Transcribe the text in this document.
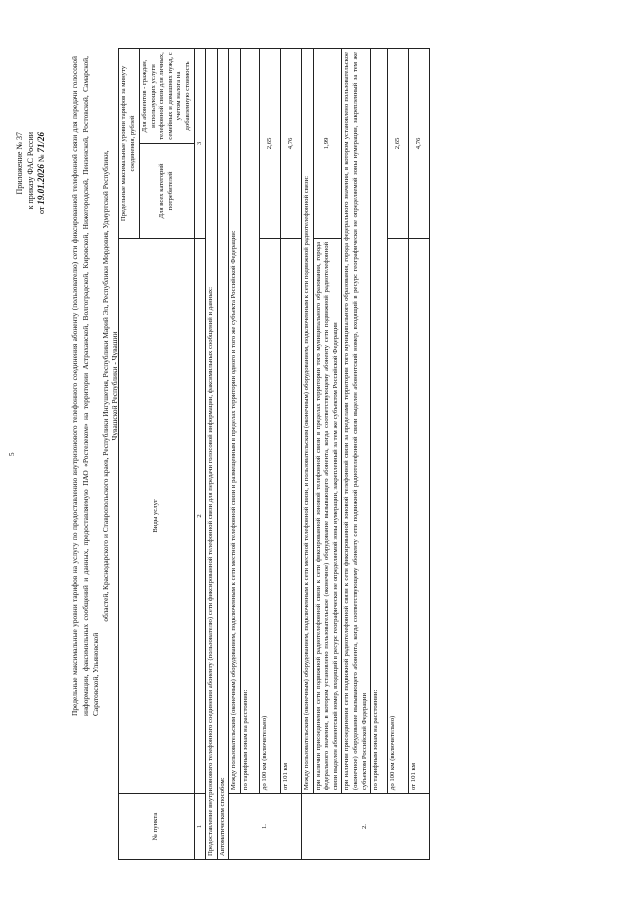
5
Приложение № 37 к приказу ФАС России
от 19.01.2026 № 71/26	Предельные максимальные уровни тарифов на услугу по предоставлению внутризонового телефонного соединения абоненту (пользователю) сети фиксированной телефонной связи для передачи голосовой информации, факсимильных сообщений и данных, предоставляемую ПАО «Ростелеком» на территории Астраханской, Волгоградской, Кировской, Нижегородской, Пензенской, Ростовской, Самарской, Саратовской, Ульяновской
областей, Краснодарского и Ставропольского краев, Республики Ингушетия, Республики Марий Эл, Республики Мордовия, Удмуртской Республики, Чувашской Республики - Чувашии
№ пункта	Виды услуг	Предельные максимальные уровни тарифов за минуту соединения, рублей	
		Для всех категорий потребителей	Для абонентов - граждан, использующих услуги телефонной связи для личных, семейных и домашних нужд, с учетом налога на добавленную стоимость
1	2	3	
Предоставление внутризонового телефонного соединения абоненту (пользователю) сети фиксированной телефонной связи для передачи голосовой информации, факсимильных сообщений и данных:			
Автоматическим способом:			
1.	Между пользовательским (оконечным) оборудованием, подключенным к сети местной телефонной связи и размещенным в пределах территории одного и того же субъекта Российской Федерации:		
	по тарифным зонам на расстоянии:		
	до 100 км (включительно)	2,65	
	от 101 км	4,76	
2.	Между пользовательским (оконечным) оборудованием, подключенным к сети местной телефонной связи, и пользовательским (оконечным) оборудованием, подключенным к сети подвижной радиотелефонной связи:		
	при наличии присоединения сети подвижной радиотелефонной связи к сети фиксированной зоновой телефонной связи в пределах территории того муниципального образования, города федерального значения, в котором установлено пользовательское (оконечное) оборудование вызывающего абонента, когда соответствующему абоненту сети подвижной радиотелефонной связи выделен абонентский номер, входящий в ресурс географически не определяемой зоны нумерации, закрепленный за тем же субъектом Российской Федерации	1,99	
	при наличии присоединения сети подвижной радиотелефонной связи к сети фиксированной зоновой телефонной связи за пределами территории того муниципального образования, города федерального значения, в котором установлено пользовательское (оконечное) оборудование вызывающего абонента, когда соответствующему абоненту сети подвижной радиотелефонной связи выделен абонентский номер, входящий в ресурс географически не определяемой зоны нумерации, закрепленный за тем же субъектом Российской Федерации		
	по тарифным зонам на расстоянии:		
	до 100 км (включительно)	2,65	
	от 101 км	4,76	
